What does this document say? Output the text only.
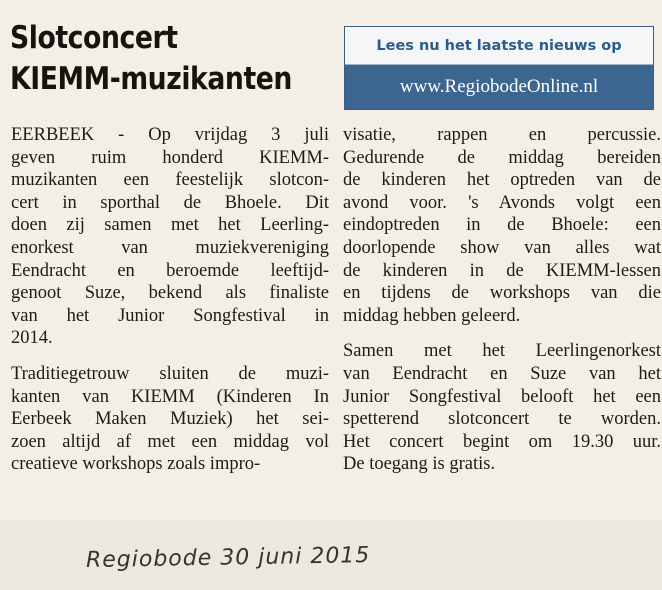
Slotconcert
KIEMM-muzikanten
Lees nu het laatste nieuws op
www.RegiobodeOnline.nl
EERBEEK - Op vrijdag 3 juli
geven ruim honderd KIEMM-
muzikanten een feestelijk slotcon-
cert in sporthal de Bhoele. Dit
doen zij samen met het Leerling-
enorkest van muziekvereniging
Eendracht en beroemde leeftijd-
genoot Suze, bekend als finaliste
van het Junior Songfestival in
2014.
Traditiegetrouw sluiten de muzi-
kanten van KIEMM (Kinderen In
Eerbeek Maken Muziek) het sei-
zoen altijd af met een middag vol
creatieve workshops zoals impro-
visatie, rappen en percussie.
Gedurende de middag bereiden
de kinderen het optreden van de
avond voor. 's Avonds volgt een
eindoptreden in de Bhoele: een
doorlopende show van alles wat
de kinderen in de KIEMM-lessen
en tijdens de workshops van die
middag hebben geleerd.
Samen met het Leerlingenorkest
van Eendracht en Suze van het
Junior Songfestival belooft het een
spetterend slotconcert te worden.
Het concert begint om 19.30 uur.
De toegang is gratis.
Regiobode 30 juni 2015
